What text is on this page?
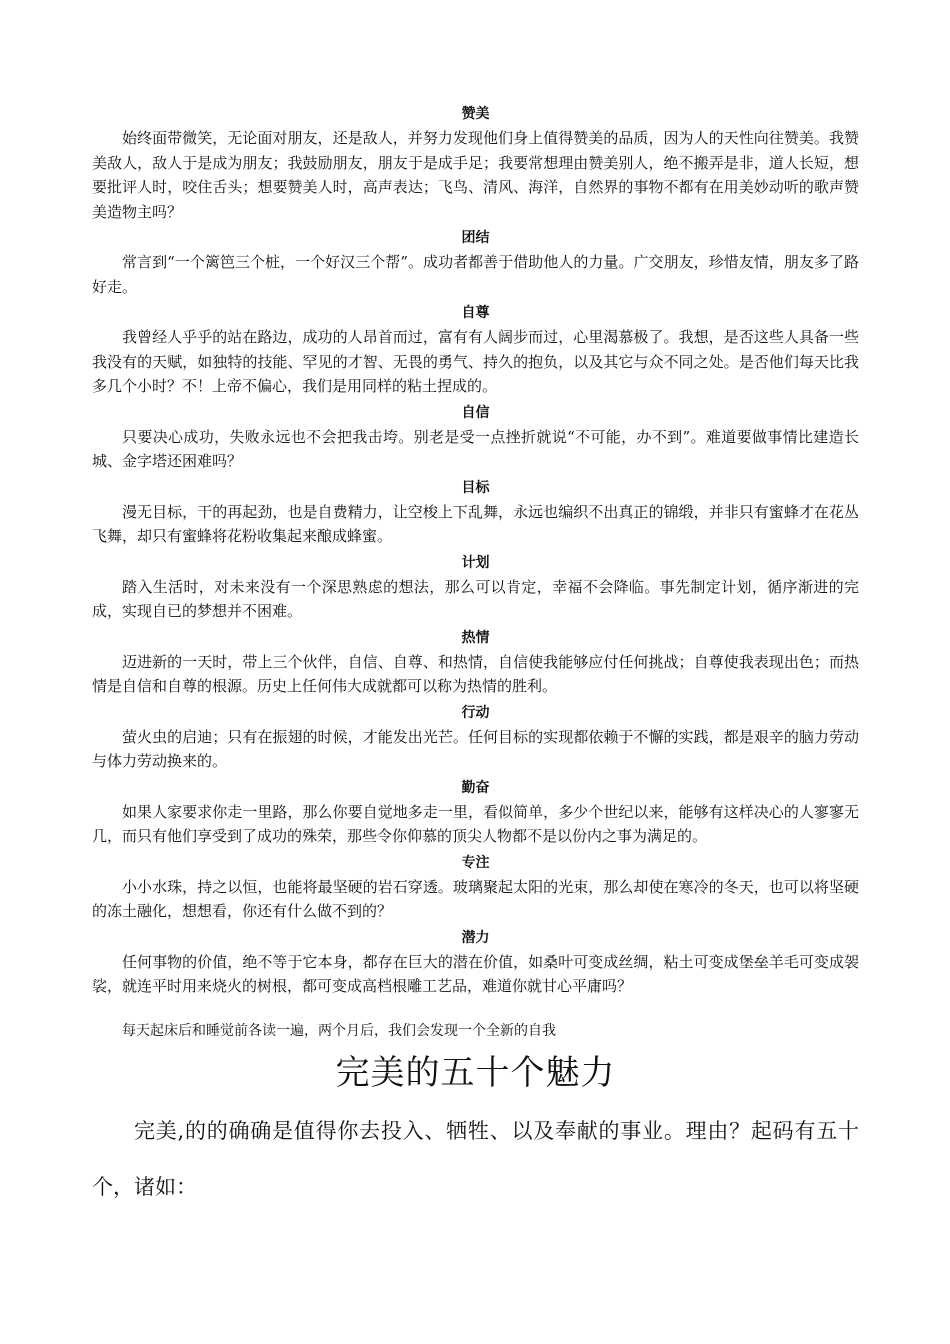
赞美

始终面带微笑，无论面对朋友，还是敌人，并努力发现他们身上值得赞美的品质，因为人的天性向往赞美。我赞美敌人，敌人于是成为朋友；我鼓励朋友，朋友于是成手足；我要常想理由赞美别人，绝不搬弄是非，道人长短，想要批评人时，咬住舌头；想要赞美人时，高声表达；飞鸟、清风、海洋，自然界的事物不都有在用美妙动听的歌声赞美造物主吗？

团结

常言到“一个篱笆三个桩，一个好汉三个帮”。成功者都善于借助他人的力量。广交朋友，珍惜友情，朋友多了路好走。

自尊

我曾经人乎乎的站在路边，成功的人昂首而过，富有有人阔步而过，心里渴慕极了。我想，是否这些人具备一些我没有的天赋，如独特的技能、罕见的才智、无畏的勇气、持久的抱负，以及其它与众不同之处。是否他们每天比我多几个小时？不！上帝不偏心，我们是用同样的粘土捏成的。

自信

只要决心成功，失败永远也不会把我击垮。别老是受一点挫折就说“不可能，办不到”。难道要做事情比建造长城、金字塔还困难吗？

目标

漫无目标，干的再起劲，也是自费精力，让空梭上下乱舞，永远也编织不出真正的锦缎，并非只有蜜蜂才在花丛飞舞，却只有蜜蜂将花粉收集起来酿成蜂蜜。

计划

踏入生活时，对未来没有一个深思熟虑的想法，那么可以肯定，幸福不会降临。事先制定计划，循序渐进的完成，实现自已的梦想并不困难。

热情

迈进新的一天时，带上三个伙伴，自信、自尊、和热情，自信使我能够应付任何挑战；自尊使我表现出色；而热情是自信和自尊的根源。历史上任何伟大成就都可以称为热情的胜利。

行动

萤火虫的启迪；只有在振翅的时候，才能发出光芒。任何目标的实现都依赖于不懈的实践，都是艰辛的脑力劳动与体力劳动换来的。

勤奋

如果人家要求你走一里路，那么你要自觉地多走一里，看似简单，多少个世纪以来，能够有这样决心的人寥寥无几，而只有他们享受到了成功的殊荣，那些令你仰慕的顶尖人物都不是以份内之事为满足的。

专注

小小水珠，持之以恒，也能将最坚硬的岩石穿透。玻璃聚起太阳的光束，那么却使在寒冷的冬天，也可以将坚硬的冻土融化，想想看，你还有什么做不到的？

潜力

任何事物的价值，绝不等于它本身，都存在巨大的潜在价值，如桑叶可变成丝绸，粘土可变成堡垒羊毛可变成袈裟，就连平时用来烧火的树根，都可变成高档根雕工艺品，难道你就甘心平庸吗？

每天起床后和睡觉前各读一遍，两个月后，我们会发现一个全新的自我
完美的五十个魅力

完美,的的确确是值得你去投入、牺牲、以及奉献的事业。理由？起码有五十个，诸如：
